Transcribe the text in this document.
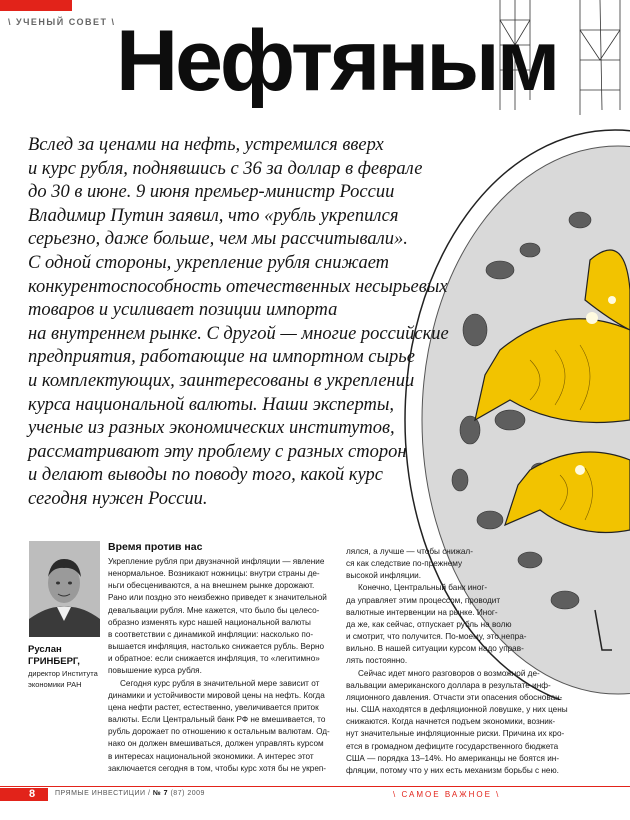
\ УЧЕНЫЙ СОВЕТ \ Нефтяным
Вслед за ценами на нефть, устремился вверх
и курс рубля, поднявшись с 36 за доллар в феврале
до 30 в июне. 9 июня премьер-министр России
Владимир Путин заявил, что «рубль укрепился
серьезно, даже больше, чем мы рассчитывали».
С одной стороны, укрепление рубля снижает
конкурентоспособность отечественных несырьевых
товаров и усиливает позиции импорта
на внутреннем рынке. С другой — многие российские
предприятия, работающие на импортном сырье
и комплектующих, заинтересованы в укреплении
курса национальной валюты. Наши эксперты,
ученые из разных экономических институтов,
рассматривают эту проблему с разных сторон
и делают выводы по поводу того, какой курс
сегодня нужен России.
Руслан
ГРИНБЕРГ,
директор Института
экономики РАН
Время против нас
Укрепление рубля при двузначной инфляции — явление
ненормальное. Возникают ножницы: внутри страны де-
ньги обесцениваются, а на внешнем рынке дорожают.
Рано или поздно это неизбежно приведет к значительной
девальвации рубля. Мне кажется, что было бы целесо-
образно изменять курс нашей национальной валюты
в соответствии с динамикой инфляции: насколько по-
вышается инфляция, настолько снижается рубль. Верно
и обратное: если снижается инфляция, то «легитимно»
повышение курса рубля.
Сегодня курс рубля в значительной мере зависит от
динамики и устойчивости мировой цены на нефть. Когда
цена нефти растет, естественно, увеличивается приток
валюты. Если Центральный банк РФ не вмешивается, то
рубль дорожает по отношению к остальным валютам. Од-
нако он должен вмешиваться, должен управлять курсом
в интересах национальной экономики. А интерес этот
заключается сегодня в том, чтобы курс хотя бы не укреп-
лялся, а лучше — чтобы снижал-
ся как следствие по-прежнему
высокой инфляции.
Конечно, Центральный банк иног-
да управляет этим процессом, проводит
валютные интервенции на рынке. Иног-
да же, как сейчас, отпускает рубль на волю
и смотрит, что получится. По-моему, это непра-
вильно. В нашей ситуации курсом надо управ-
лять постоянно.
Сейчас идет много разговоров о возможной де-
вальвации американского доллара в результате инф-
ляционного давления. Отчасти эти опасения обоснован-
ны. США находятся в дефляционной ловушке, у них цены
снижаются. Когда начнется подъем экономики, возник-
нут значительные инфляционные риски. Причина их кро-
ется в громадном дефиците государственного бюджета
США — порядка 13–14%. Но американцы не боятся ин-
фляции, потому что у них есть механизм борьбы с нею.
8	ПРЯМЫЕ ИНВЕСТИЦИИ / № 7 (87) 2009	\ САМОЕ ВАЖНОЕ \
